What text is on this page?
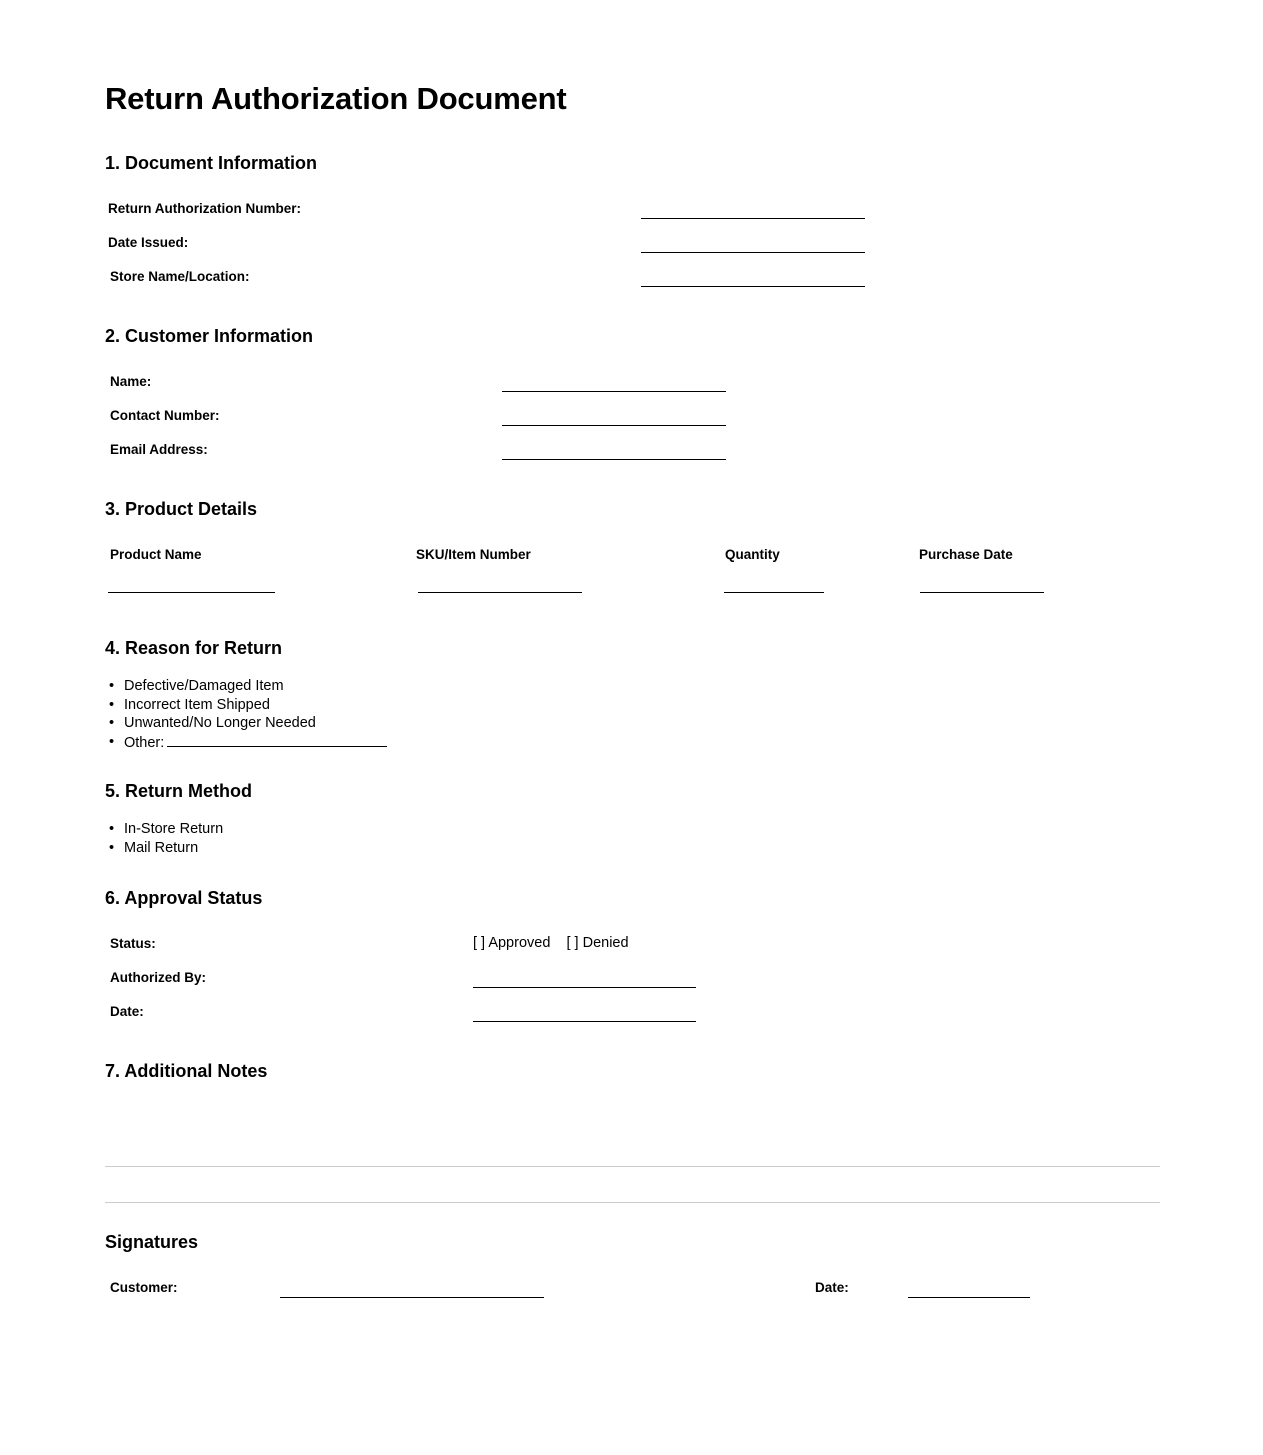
Return Authorization Document
1. Document Information
Return Authorization Number:
Date Issued:
Store Name/Location:
2. Customer Information
Name:
Contact Number:
Email Address:
3. Product Details
Product Name	SKU/Item Number	Quantity	Purchase Date
4. Reason for Return
• Defective/Damaged Item
• Incorrect Item Shipped
• Unwanted/No Longer Needed
• Other:
5. Return Method
• In-Store Return
• Mail Return
6. Approval Status
Status:	[ ] Approved    [ ] Denied
Authorized By:
Date:
7. Additional Notes
Signatures
Customer:	Date:
